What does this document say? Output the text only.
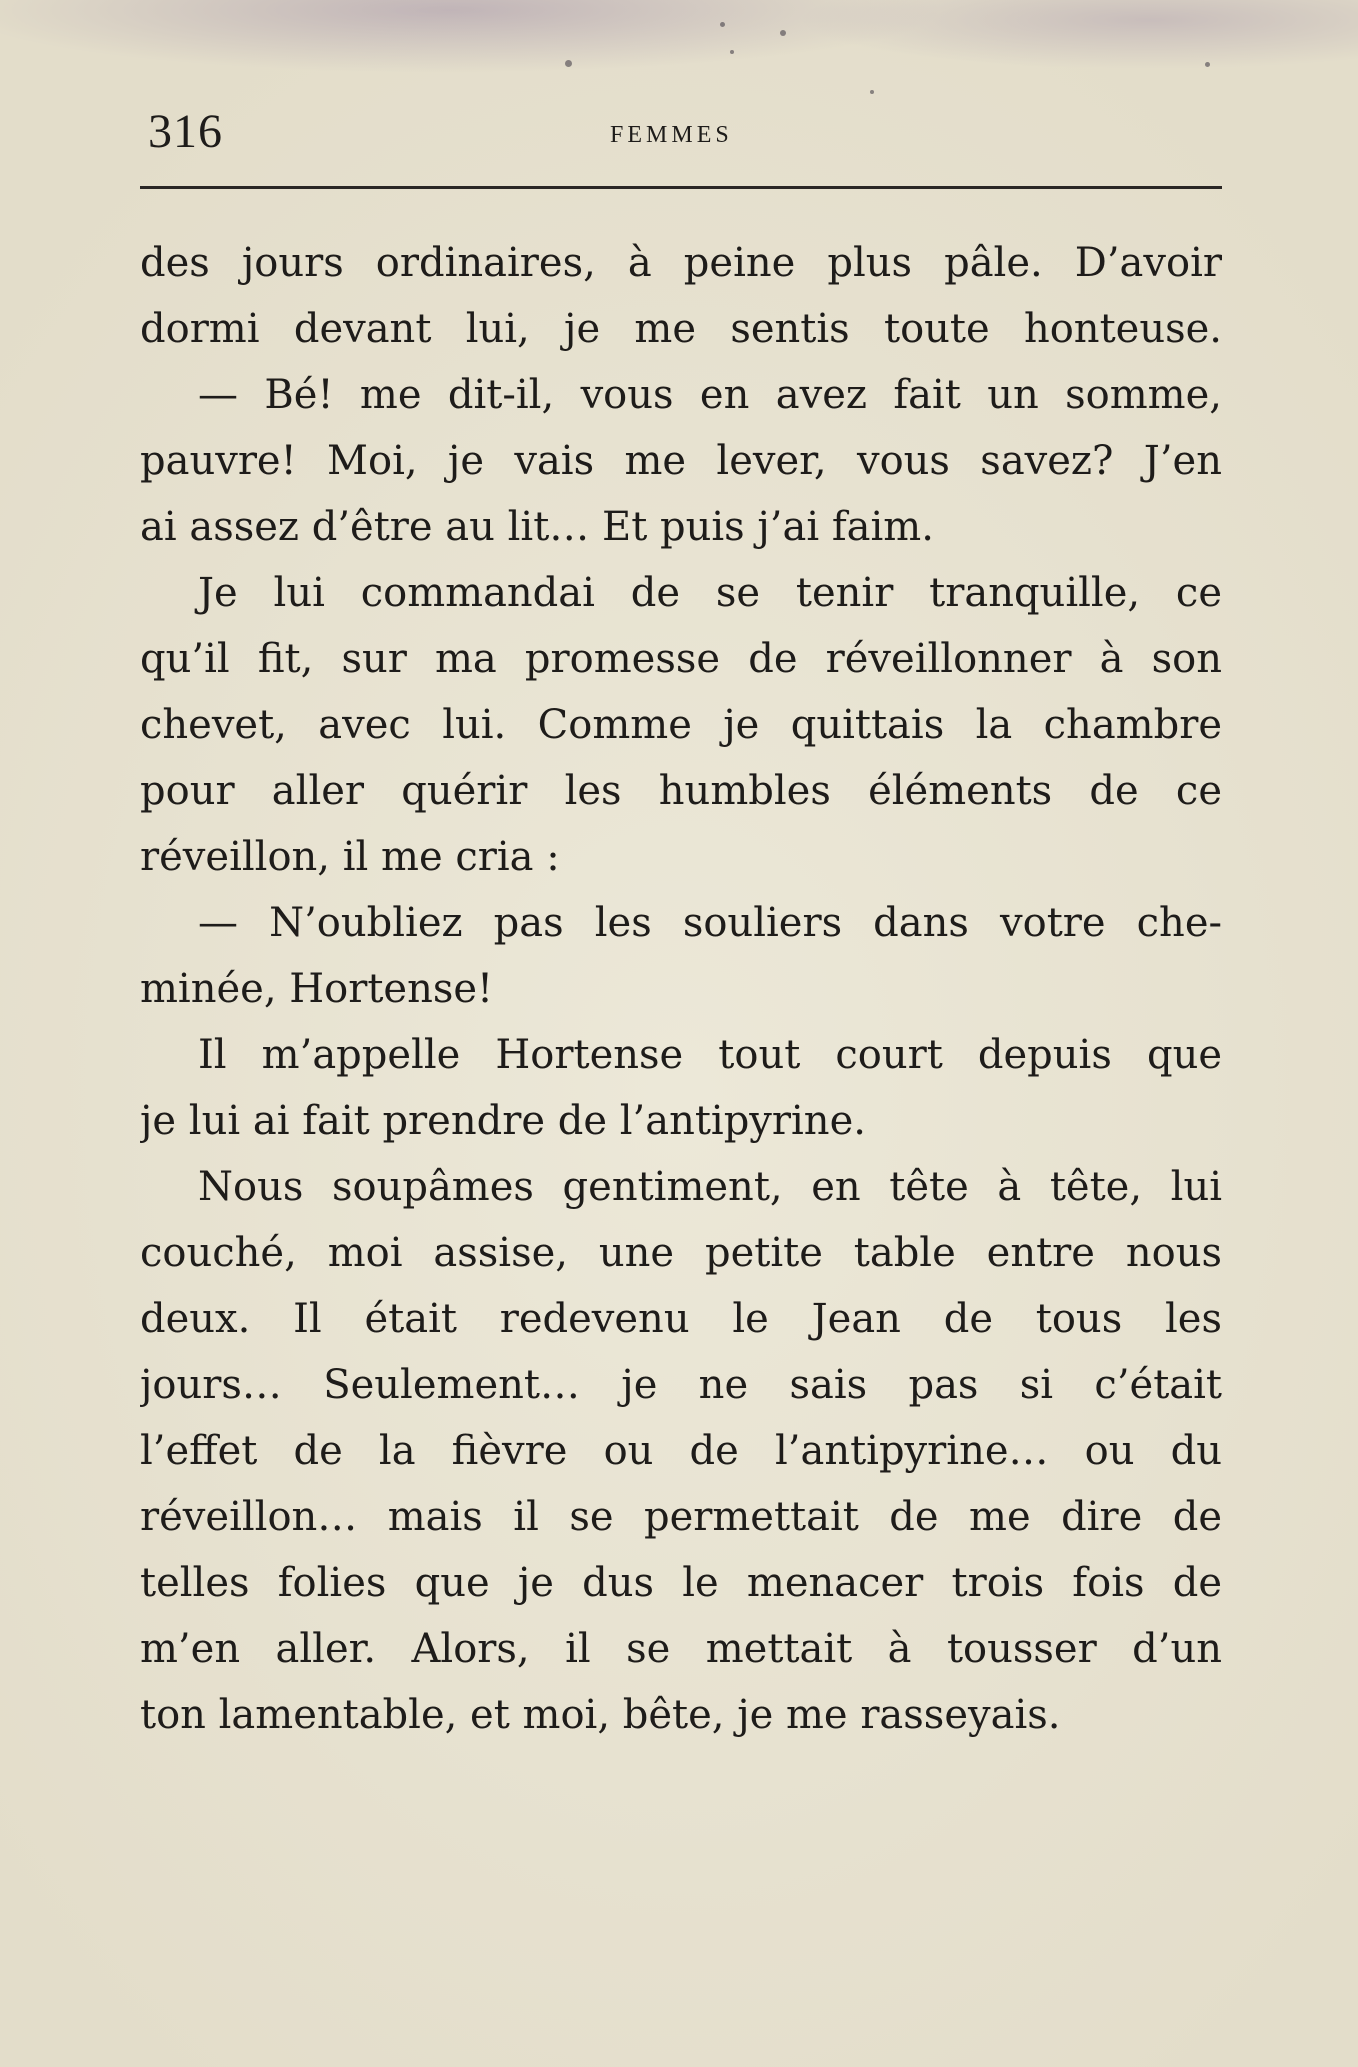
316	FEMMES
des jours ordinaires, à peine plus pâle. D’avoir
dormi devant lui, je me sentis toute honteuse.
— Bé! me dit-il, vous en avez fait un somme,
pauvre! Moi, je vais me lever, vous savez? J’en
ai assez d’être au lit… Et puis j’ai faim.
Je lui commandai de se tenir tranquille, ce
qu’il fit, sur ma promesse de réveillonner à son
chevet, avec lui. Comme je quittais la chambre
pour aller quérir les humbles éléments de ce
réveillon, il me cria :
— N’oubliez pas les souliers dans votre che-
minée, Hortense!
Il m’appelle Hortense tout court depuis que
je lui ai fait prendre de l’antipyrine.
Nous soupâmes gentiment, en tête à tête, lui
couché, moi assise, une petite table entre nous
deux. Il était redevenu le Jean de tous les
jours… Seulement… je ne sais pas si c’était
l’effet de la fièvre ou de l’antipyrine… ou du
réveillon… mais il se permettait de me dire de
telles folies que je dus le menacer trois fois de
m’en aller. Alors, il se mettait à tousser d’un
ton lamentable, et moi, bête, je me rasseyais.
